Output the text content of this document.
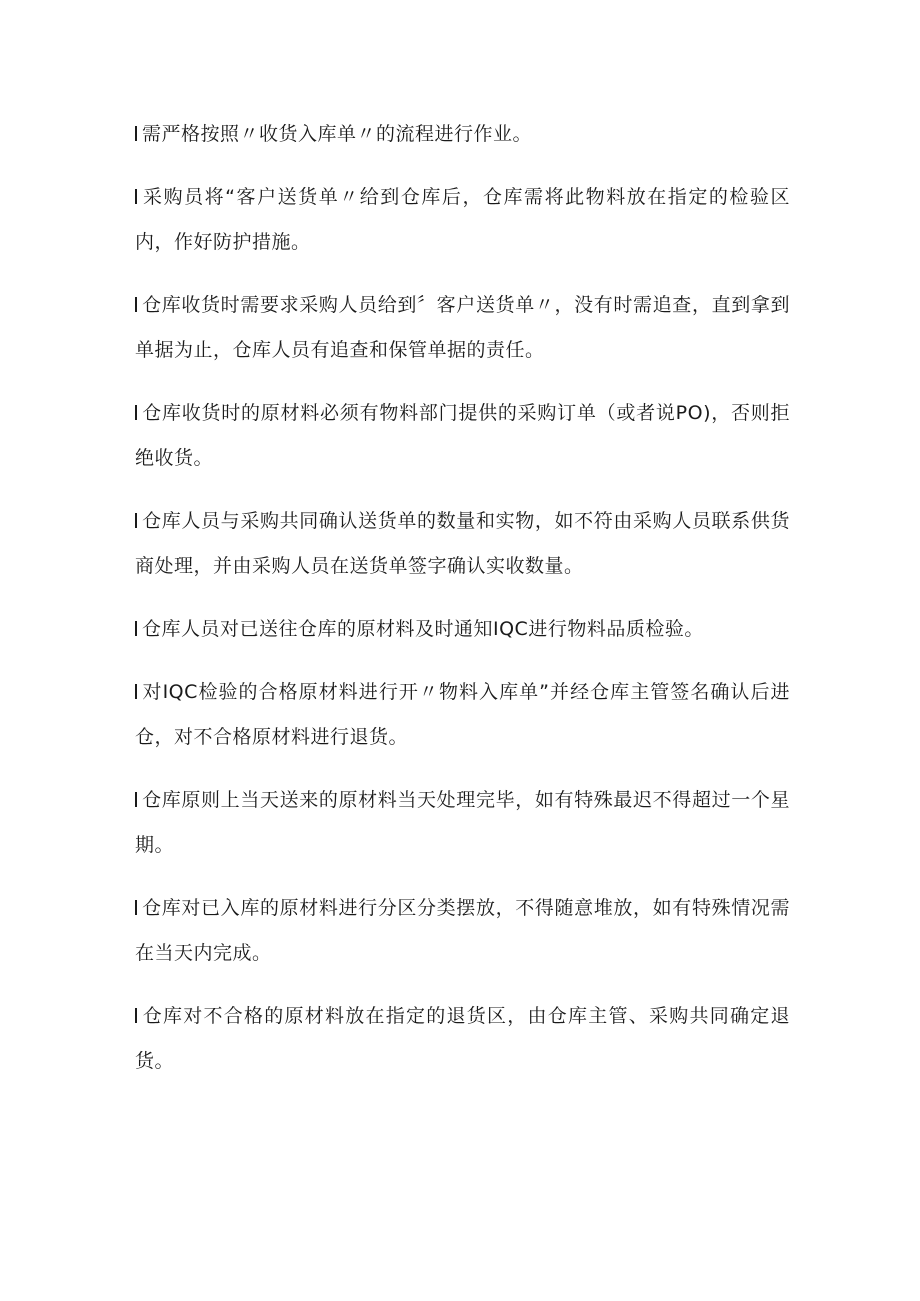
需严格按照〃收货入库单〃的流程进行作业。

采购员将“客户送货单〃给到仓库后，仓库需将此物料放在指定的检验区内，作好防护措施。

仓库收货时需要求采购人员给到〞客户送货单〃，没有时需追查，直到拿到单据为止，仓库人员有追查和保管单据的责任。

仓库收货时的原材料必须有物料部门提供的采购订单（或者说PO)，否则拒绝收货。

仓库人员与采购共同确认送货单的数量和实物，如不符由采购人员联系供货商处理，并由采购人员在送货单签字确认实收数量。

仓库人员对已送往仓库的原材料及时通知IQC进行物料品质检验。

对IQC检验的合格原材料进行开〃物料入库单”并经仓库主管签名确认后进仓，对不合格原材料进行退货。

仓库原则上当天送来的原材料当天处理完毕，如有特殊最迟不得超过一个星期。

仓库对已入库的原材料进行分区分类摆放，不得随意堆放，如有特殊情况需在当天内完成。

仓库对不合格的原材料放在指定的退货区，由仓库主管、采购共同确定退货。
